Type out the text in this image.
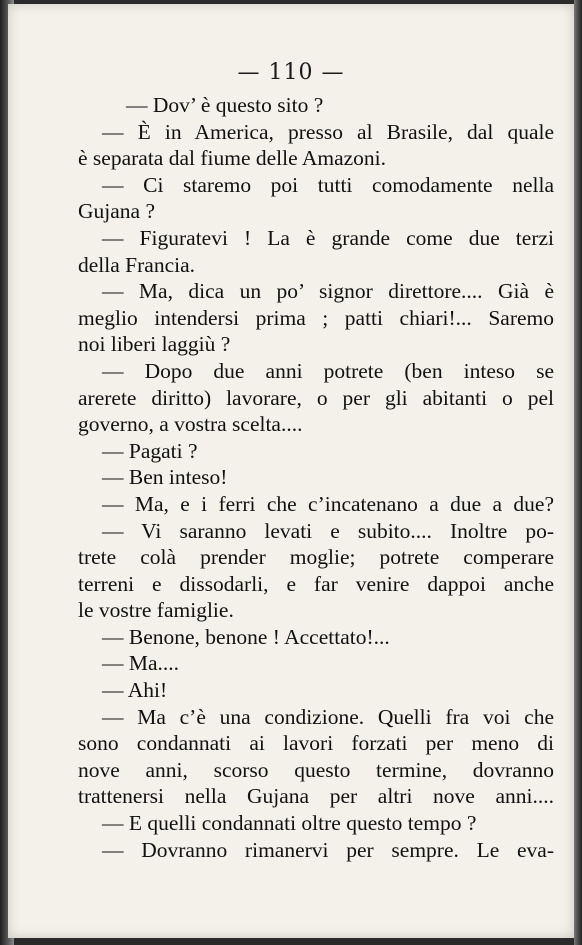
— 110 —
— Dov’ è questo sito ?
— È in America, presso al Brasile, dal quale
è separata dal fiume delle Amazoni.
— Ci staremo poi tutti comodamente nella
Gujana ?
— Figuratevi ! La è grande come due terzi
della Francia.
— Ma, dica un po’ signor direttore.... Già è
meglio intendersi prima ; patti chiari!... Saremo
noi liberi laggiù ?
— Dopo due anni potrete (ben inteso se
arerete diritto) lavorare, o per gli abitanti o pel
governo, a vostra scelta....
— Pagati ?
— Ben inteso!
— Ma, e i ferri che c’incatenano a due a due?
— Vi saranno levati e subito.... Inoltre po-
trete colà prender moglie; potrete comperare
terreni e dissodarli, e far venire dappoi anche
le vostre famiglie.
— Benone, benone ! Accettato!...
— Ma....
— Ahi!
— Ma c’è una condizione. Quelli fra voi che
sono condannati ai lavori forzati per meno di
nove anni, scorso questo termine, dovranno
trattenersi nella Gujana per altri nove anni....
— E quelli condannati oltre questo tempo ?
— Dovranno rimanervi per sempre. Le eva-
